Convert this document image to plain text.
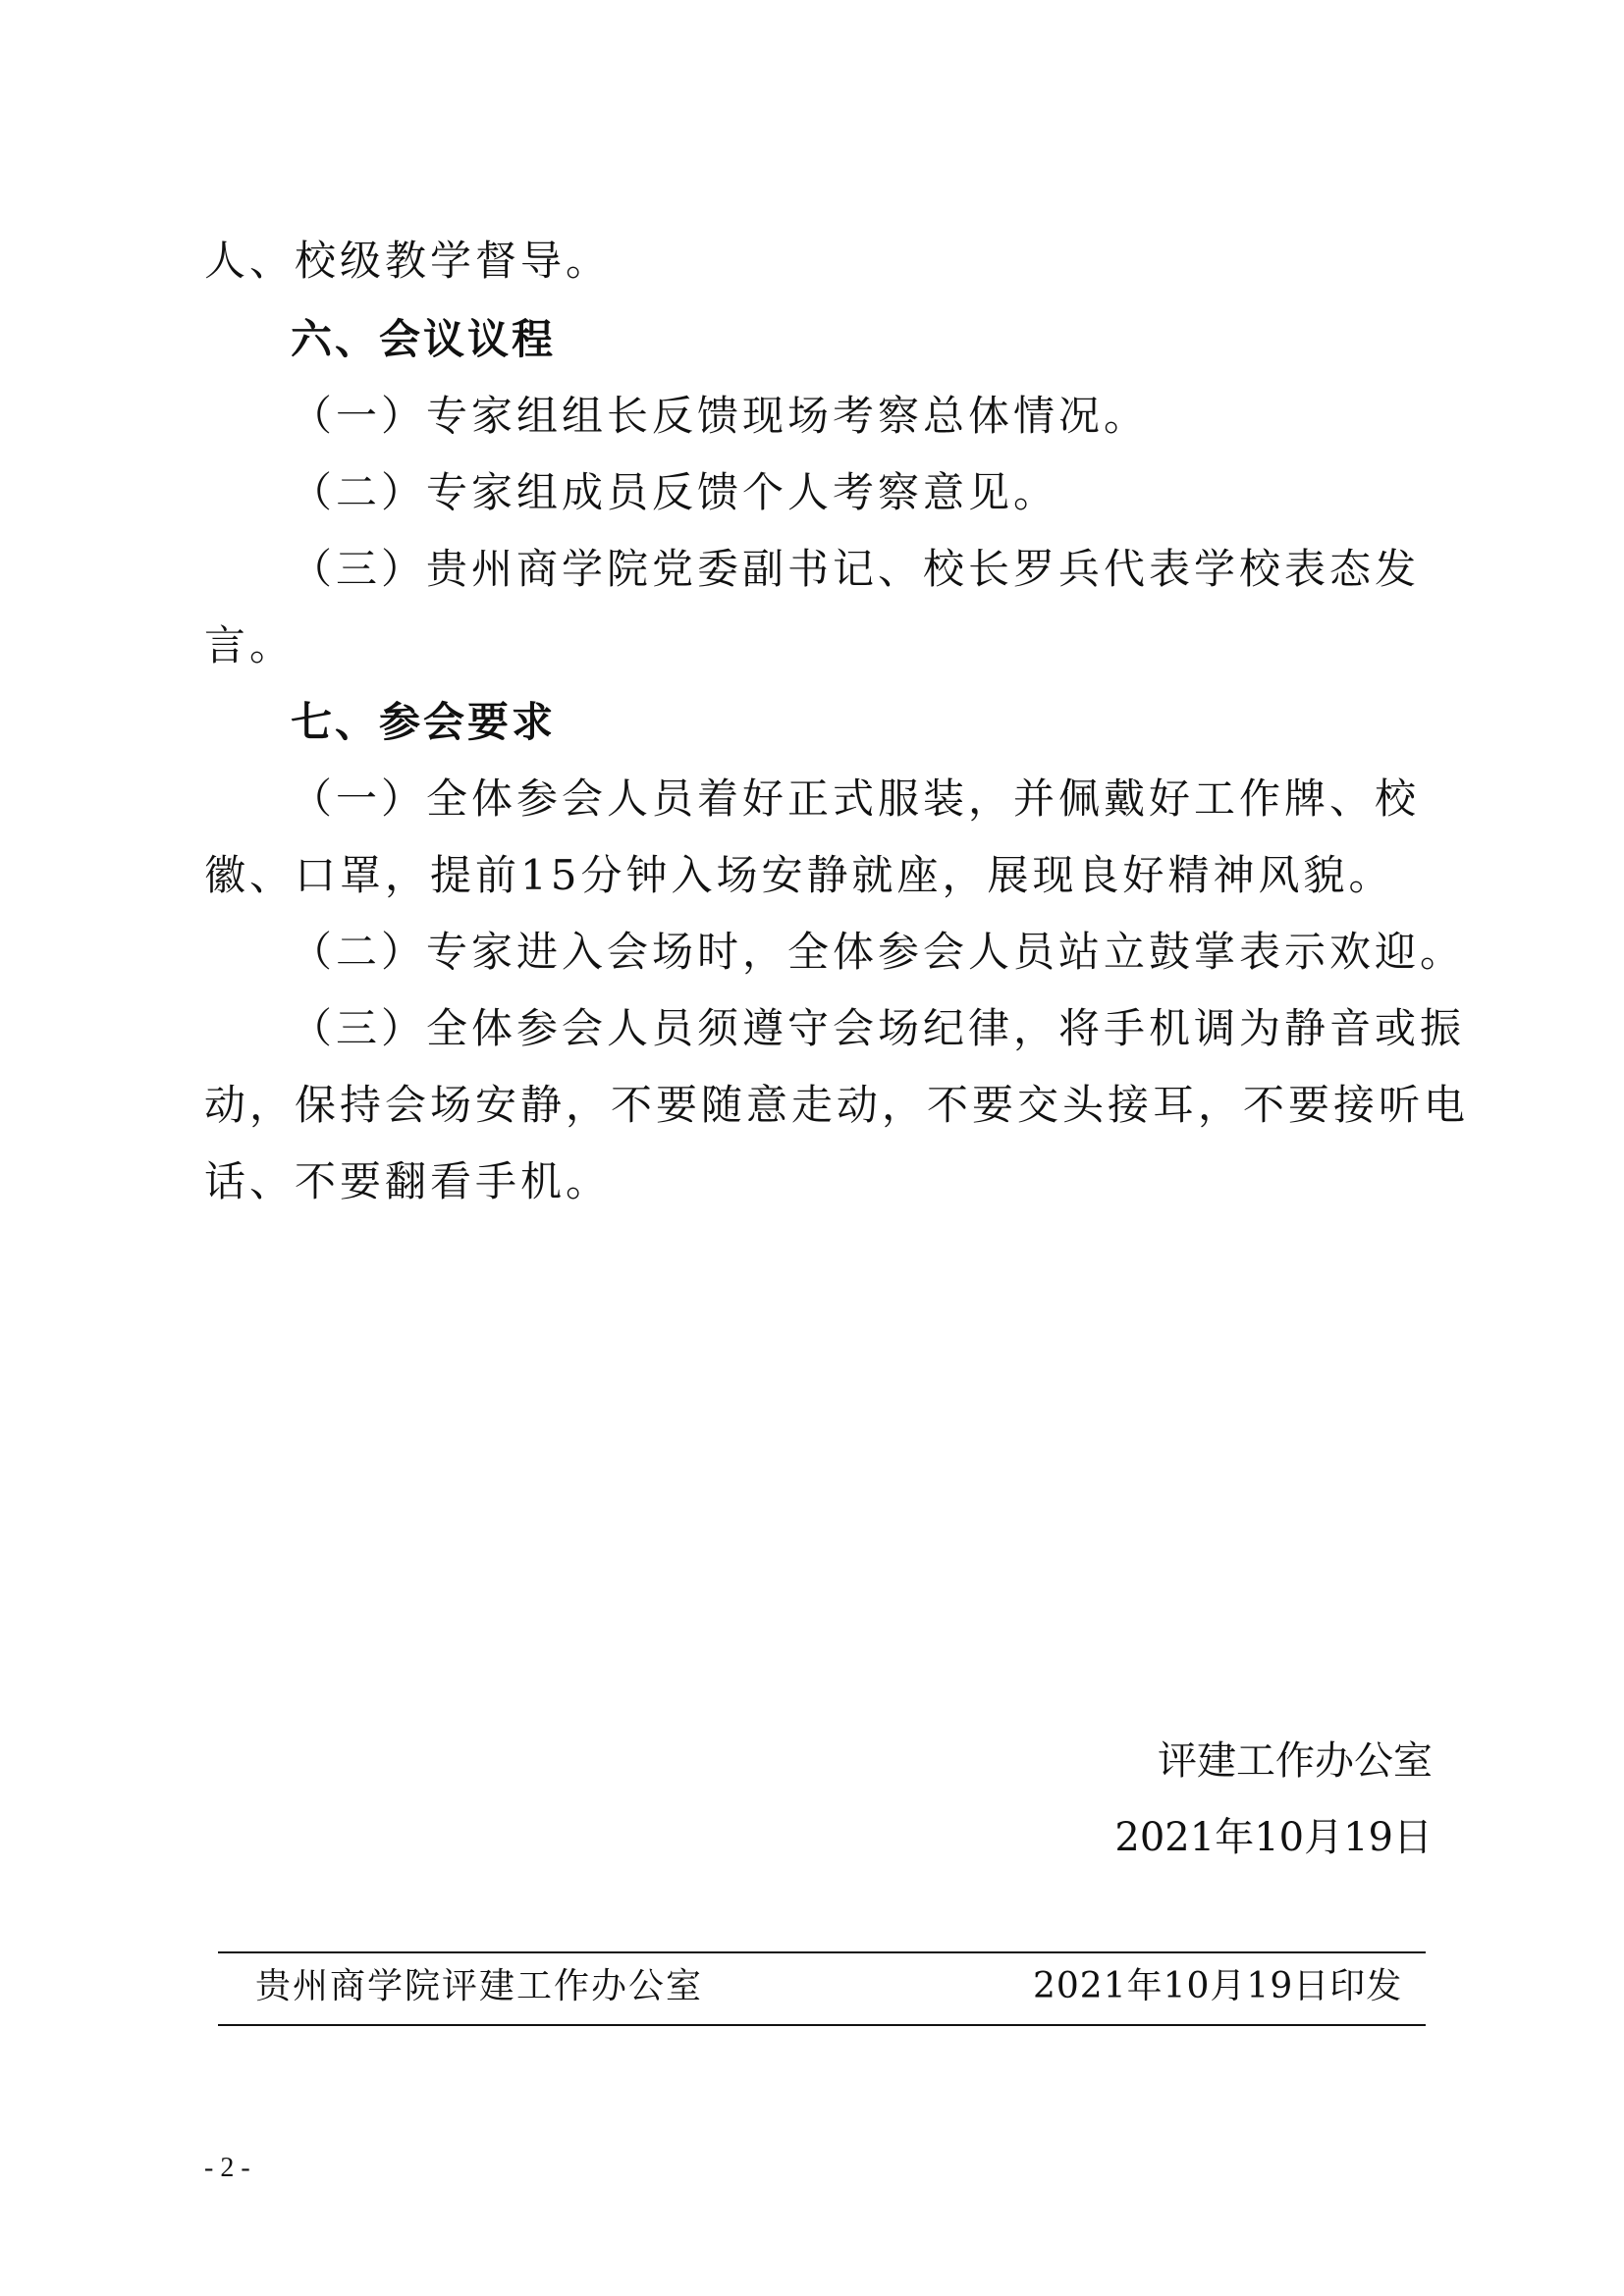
人、校级教学督导。
六、会议议程
（一）专家组组长反馈现场考察总体情况。
（二）专家组成员反馈个人考察意见。
（三）贵州商学院党委副书记、校长罗兵代表学校表态发
言。
七、参会要求
（一）全体参会人员着好正式服装，并佩戴好工作牌、校
徽、口罩，提前15分钟入场安静就座，展现良好精神风貌。
（二）专家进入会场时，全体参会人员站立鼓掌表示欢迎。
（三）全体参会人员须遵守会场纪律，将手机调为静音或振
动，保持会场安静，不要随意走动，不要交头接耳，不要接听电
话、不要翻看手机。
评建工作办公室
2021年10月19日
贵州商学院评建工作办公室	2021年10月19日印发
- 2 -
